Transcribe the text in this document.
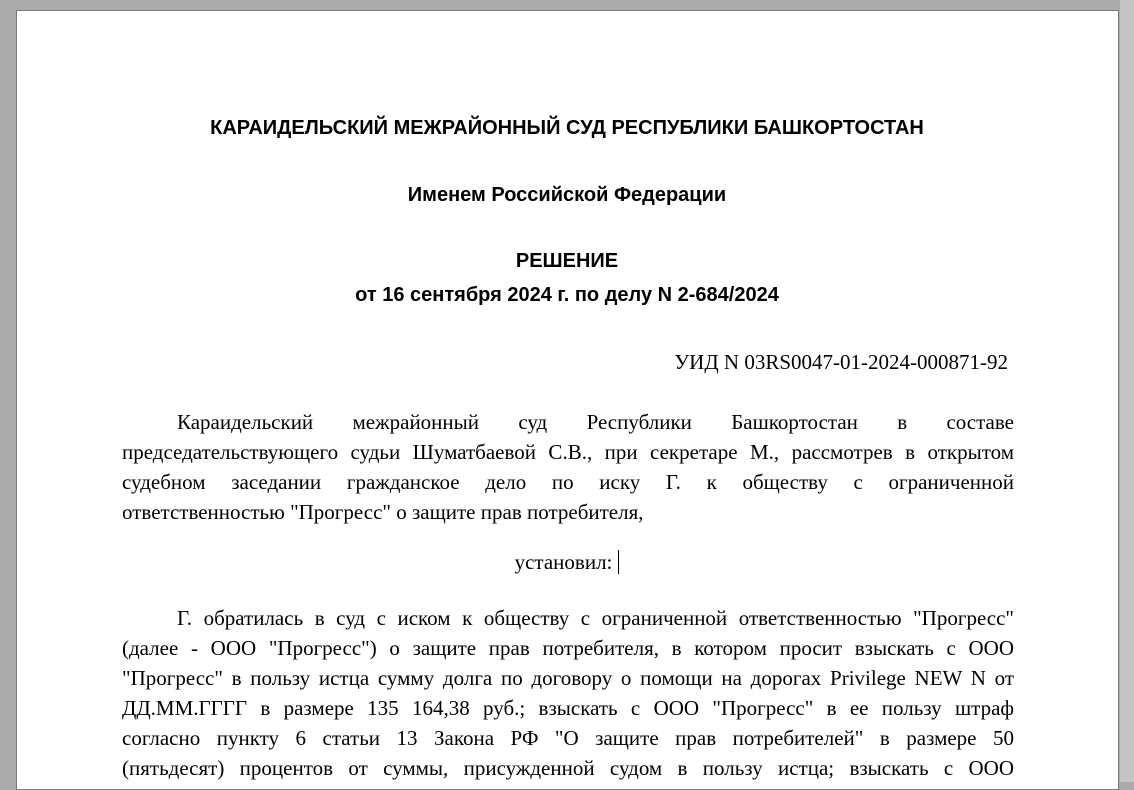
КАРАИДЕЛЬСКИЙ МЕЖРАЙОННЫЙ СУД РЕСПУБЛИКИ БАШКОРТОСТАН
Именем Российской Федерации
РЕШЕНИЕ
от 16 сентября 2024 г. по делу N 2-684/2024
УИД N 03RS0047-01-2024-000871-92
Караидельский межрайонный суд Республики Башкортостан в составе
председательствующего судьи Шуматбаевой С.В., при секретаре М., рассмотрев в открытом
судебном заседании гражданское дело по иску Г. к обществу с ограниченной
ответственностью "Прогресс" о защите прав потребителя,
установил:
Г. обратилась в суд с иском к обществу с ограниченной ответственностью "Прогресс"
(далее - ООО "Прогресс") о защите прав потребителя, в котором просит взыскать с ООО
"Прогресс" в пользу истца сумму долга по договору о помощи на дорогах Privilege NEW N от
ДД.ММ.ГГГГ в размере 135 164,38 руб.; взыскать с ООО "Прогресс" в ее пользу штраф
согласно пункту 6 статьи 13 Закона РФ "О защите прав потребителей" в размере 50
(пятьдесят) процентов от суммы, присужденной судом в пользу истца; взыскать с ООО
